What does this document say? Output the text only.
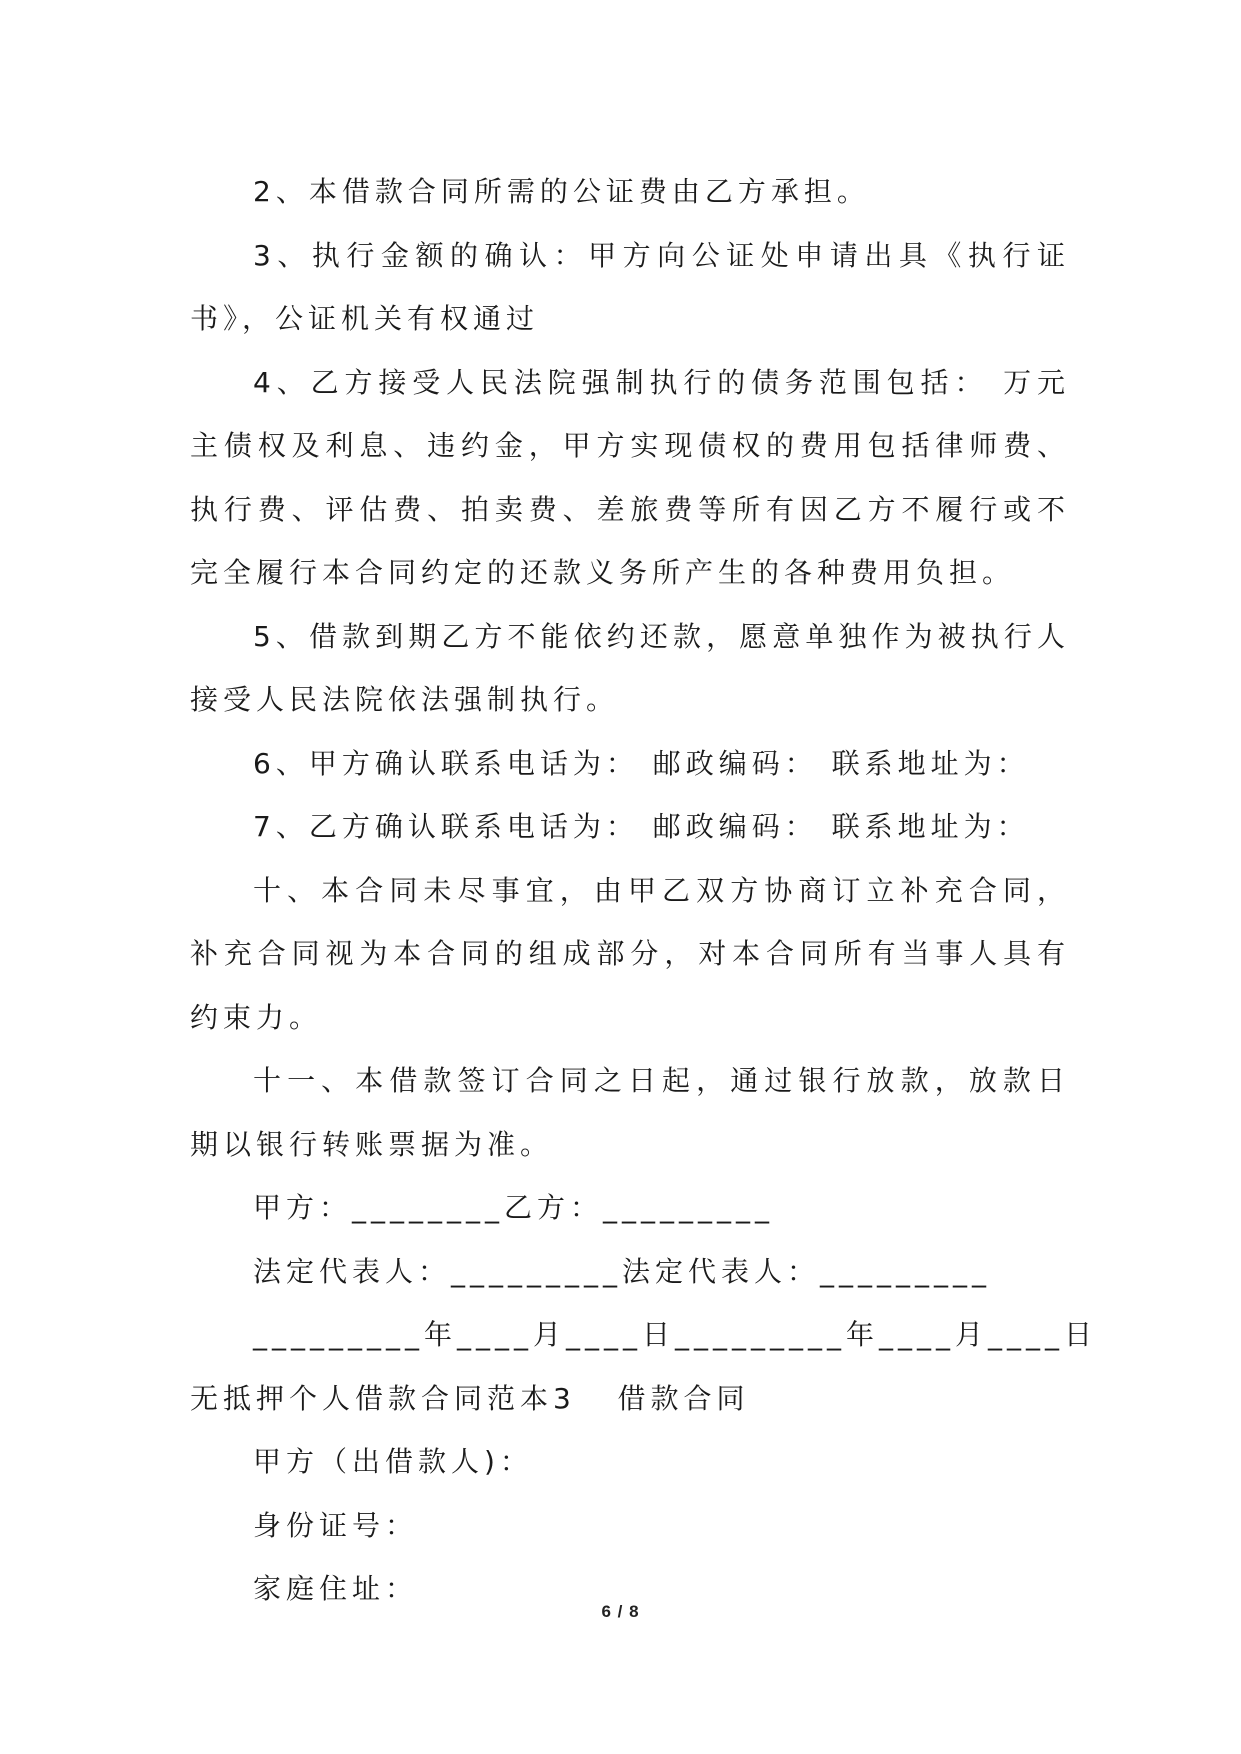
2、本借款合同所需的公证费由乙方承担。

3、执行金额的确认：甲方向公证处申请出具《执行证书》，公证机关有权通过

4、乙方接受人民法院强制执行的债务范围包括： 万元主债权及利息、违约金，甲方实现债权的费用包括律师费、执行费、评估费、拍卖费、差旅费等所有因乙方不履行或不完全履行本合同约定的还款义务所产生的各种费用负担。

5、借款到期乙方不能依约还款，愿意单独作为被执行人接受人民法院依法强制执行。

6、甲方确认联系电话为： 邮政编码： 联系地址为：

7、乙方确认联系电话为： 邮政编码： 联系地址为：

十、本合同未尽事宜，由甲乙双方协商订立补充合同，补充合同视为本合同的组成部分，对本合同所有当事人具有约束力。

十一、本借款签订合同之日起，通过银行放款，放款日期以银行转账票据为准。

甲方：________乙方：_________

法定代表人：_________法定代表人：_________

_________年____月____日_________年____月____日

无抵押个人借款合同范本3   借款合同

甲方（出借款人)：

身份证号：

家庭住址：

6 / 8
